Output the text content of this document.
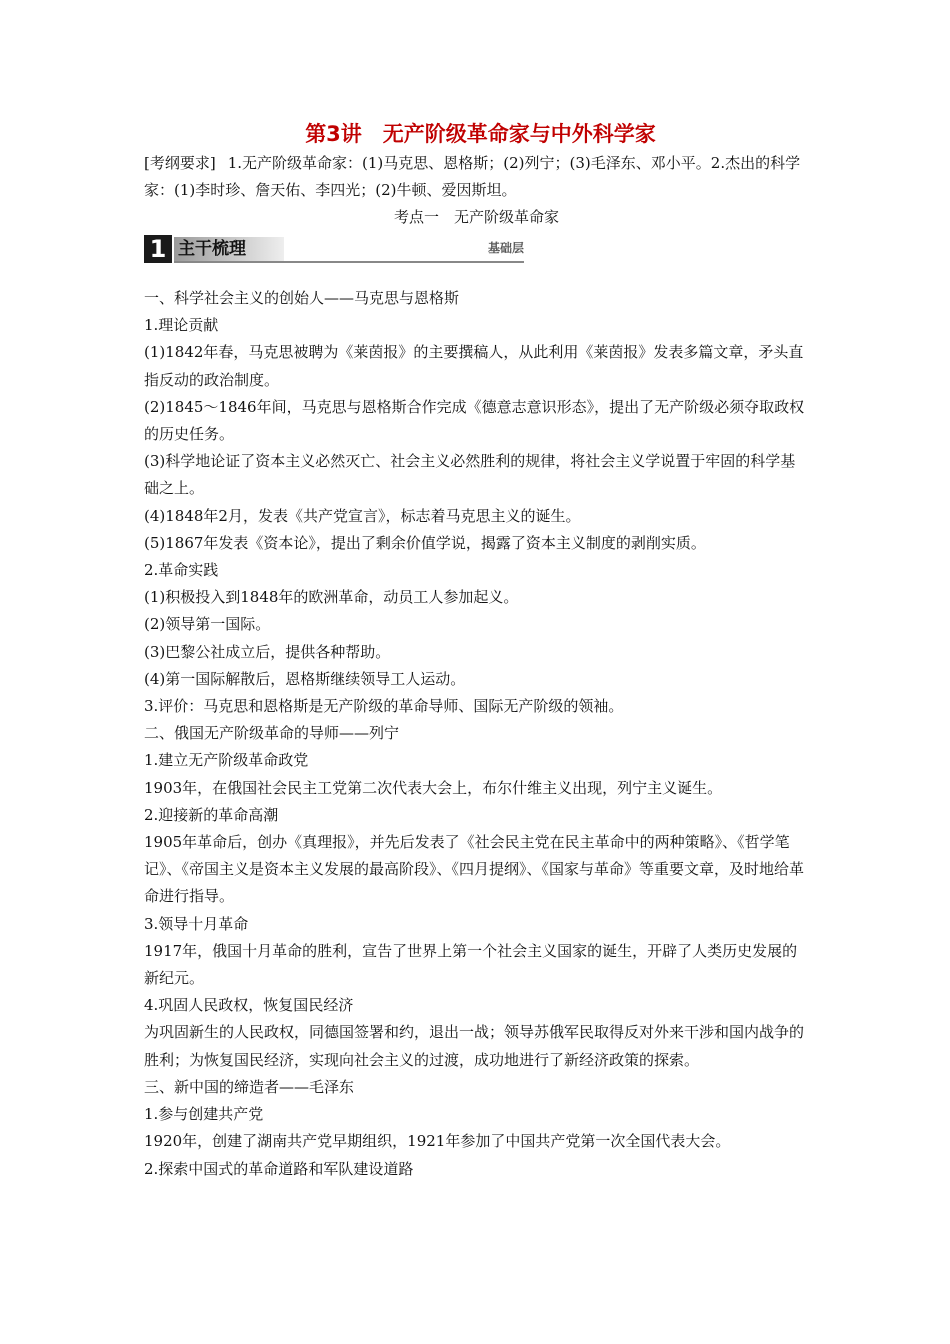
第3讲　无产阶级革命家与中外科学家
[考纲要求] 1.无产阶级革命家：(1)马克思、恩格斯；(2)列宁；(3)毛泽东、邓小平。2.杰出的科学家：(1)李时珍、詹天佑、李四光；(2)牛顿、爱因斯坦。
考点一　无产阶级革命家
1 主干梳理	基础层

一、科学社会主义的创始人——马克思与恩格斯

1.理论贡献

(1)1842年春，马克思被聘为《莱茵报》的主要撰稿人，从此利用《莱茵报》发表多篇文章，矛头直指反动的政治制度。

(2)1845～1846年间，马克思与恩格斯合作完成《德意志意识形态》，提出了无产阶级必须夺取政权的历史任务。

(3)科学地论证了资本主义必然灭亡、社会主义必然胜利的规律，将社会主义学说置于牢固的科学基础之上。

(4)1848年2月，发表《共产党宣言》，标志着马克思主义的诞生。

(5)1867年发表《资本论》，提出了剩余价值学说，揭露了资本主义制度的剥削实质。

2.革命实践

(1)积极投入到1848年的欧洲革命，动员工人参加起义。

(2)领导第一国际。

(3)巴黎公社成立后，提供各种帮助。

(4)第一国际解散后，恩格斯继续领导工人运动。

3.评价：马克思和恩格斯是无产阶级的革命导师、国际无产阶级的领袖。

二、俄国无产阶级革命的导师——列宁

1.建立无产阶级革命政党

1903年，在俄国社会民主工党第二次代表大会上，布尔什维主义出现，列宁主义诞生。

2.迎接新的革命高潮

1905年革命后，创办《真理报》，并先后发表了《社会民主党在民主革命中的两种策略》、《哲学笔记》、《帝国主义是资本主义发展的最高阶段》、《四月提纲》、《国家与革命》等重要文章，及时地给革命进行指导。

3.领导十月革命

1917年，俄国十月革命的胜利，宣告了世界上第一个社会主义国家的诞生，开辟了人类历史发展的新纪元。

4.巩固人民政权，恢复国民经济

为巩固新生的人民政权，同德国签署和约，退出一战；领导苏俄军民取得反对外来干涉和国内战争的胜利；为恢复国民经济，实现向社会主义的过渡，成功地进行了新经济政策的探索。

三、新中国的缔造者——毛泽东

1.参与创建共产党

1920年，创建了湖南共产党早期组织，1921年参加了中国共产党第一次全国代表大会。

2.探索中国式的革命道路和军队建设道路
